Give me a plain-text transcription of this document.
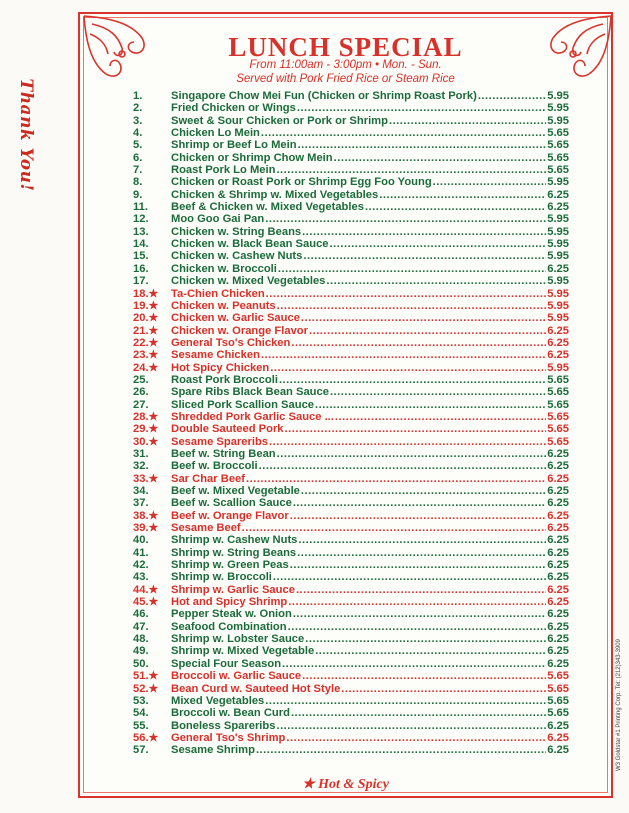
Thank You!
LUNCH SPECIAL
From 11:00am - 3:00pm • Mon. - Sun.
Served with Pork Fried Rice or Steam Rice
1.	Singapore Chow Mei Fun (Chicken or Shrimp Roast Pork) .....	5.95
2.	Fried Chicken or Wings .....	5.95
3.	Sweet & Sour Chicken or Pork or Shrimp .....	5.95
4.	Chicken Lo Mein .....	5.65
5.	Shrimp or Beef Lo Mein .....	5.65
6.	Chicken or Shrimp Chow Mein .....	5.65
7.	Roast Pork Lo Mein .....	5.65
8.	Chicken or Roast Pork or Shrimp Egg Foo Young .....	5.95
9.	Chicken & Shrimp w. Mixed Vegetables .....	6.25
11.	Beef & Chicken w. Mixed Vegetables .....	6.25
12.	Moo Goo Gai Pan .....	5.95
13.	Chicken w. String Beans .....	5.95
14.	Chicken w. Black Bean Sauce .....	5.95
15.	Chicken w. Cashew Nuts .....	5.95
16.	Chicken w. Broccoli .....	6.25
17.	Chicken w. Mixed Vegetables .....	5.95
18.★	Ta-Chien Chicken .....	5.95
19.★	Chicken w. Peanuts .....	5.95
20.★	Chicken w. Garlic Sauce .....	5.95
21.★	Chicken w. Orange Flavor .....	6.25
22.★	General Tso's Chicken .....	6.25
23.★	Sesame Chicken .....	6.25
24.★	Hot Spicy Chicken .....	5.95
25.	Roast Pork Broccoli .....	5.65
26.	Spare Ribs Black Bean Sauce .....	5.65
27.	Sliced Pork Scallion Sauce .....	5.65
28.★	Shredded Pork Garlic Sauce ... .....	5.65
29.★	Double Sauteed Pork .....	5.65
30.★	Sesame Spareribs .....	5.65
31.	Beef w. String Bean .....	6.25
32.	Beef w. Broccoli .....	6.25
33.★	Sar Char Beef .....	6.25
34.	Beef w. Mixed Vegetable .....	6.25
37.	Beef w. Scallion Sauce .....	6.25
38.★	Beef w. Orange Flavor .....	6.25
39.★	Sesame Beef .....	6.25
40.	Shrimp w. Cashew Nuts .....	6.25
41.	Shrimp w. String Beans .....	6.25
42.	Shrimp w. Green Peas .....	6.25
43.	Shrimp w. Broccoli .....	6.25
44.★	Shrimp w. Garlic Sauce .....	6.25
45.★	Hot and Spicy Shrimp .....	6.25
46.	Pepper Steak w. Onion .....	6.25
47.	Seafood Combination .....	6.25
48.	Shrimp w. Lobster Sauce .....	6.25
49.	Shrimp w. Mixed Vegetable .....	6.25
50.	Special Four Season .....	6.25
51.★	Broccoli w. Garlic Sauce .....	5.65
52.★	Bean Curd w. Sauteed Hot Style .....	5.65
53.	Mixed Vegetables .....	5.65
54.	Broccoli w. Bean Curd .....	5.65
55.	Boneless Spareribs .....	6.25
56.★	General Tso's Shrimp .....	6.25
57.	Sesame Shrimp .....	6.25
★ Hot & Spicy
W3 Goldstar #1 Printing Corp. Tel: (212)343-3909
